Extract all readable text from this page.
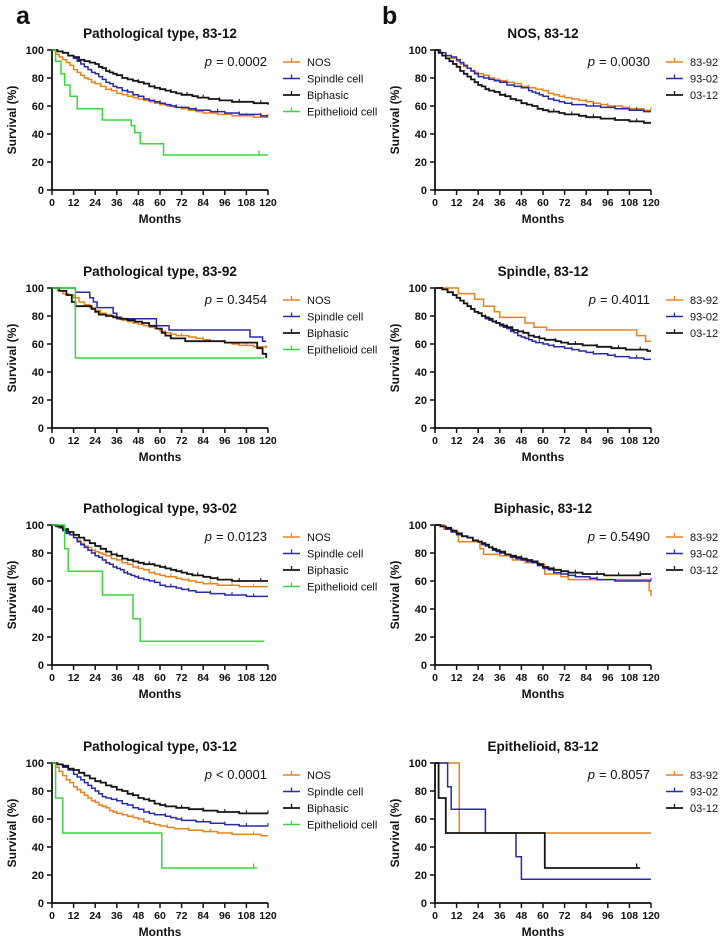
a	b
0
20
40
60
80
100
0 12 24 36 48 60 72 84 96 108 120
Pathological type, 83-12
p = 0.0002
Survival (%)
Months
NOS
Spindle cell
Biphasic
Epithelioid cell
0
20
40
60
80
100
0 12 24 36 48 60 72 84 96 108 120
NOS, 83-12
p = 0.0030
Survival (%)
Months
83-92
93-02
03-12
0
20
40
60
80
100
0 12 24 36 48 60 72 84 96 108 120
Pathological type, 83-92
p = 0.3454
Survival (%)
Months
NOS
Spindle cell
Biphasic
Epithelioid cell
0
20
40
60
80
100
0 12 24 36 48 60 72 84 96 108 120
Spindle, 83-12
p = 0.4011
Survival (%)
Months
83-92
93-02
03-12
0
20
40
60
80
100
0 12 24 36 48 60 72 84 96 108 120
Pathological type, 93-02
p = 0.0123
Survival (%)
Months
NOS
Spindle cell
Biphasic
Epithelioid cell
0
20
40
60
80
100
0 12 24 36 48 60 72 84 96 108 120
Biphasic, 83-12
p = 0.5490
Survival (%)
Months
83-92
93-02
03-12
0
20
40
60
80
100
0 12 24 36 48 60 72 84 96 108 120
Pathological type, 03-12
p < 0.0001
Survival (%)
Months
NOS
Spindle cell
Biphasic
Epithelioid cell
0
20
40
60
80
100
0 12 24 36 48 60 72 84 96 108 120
Epithelioid, 83-12
p = 0.8057
Survival (%)
Months
83-92
93-02
03-12
